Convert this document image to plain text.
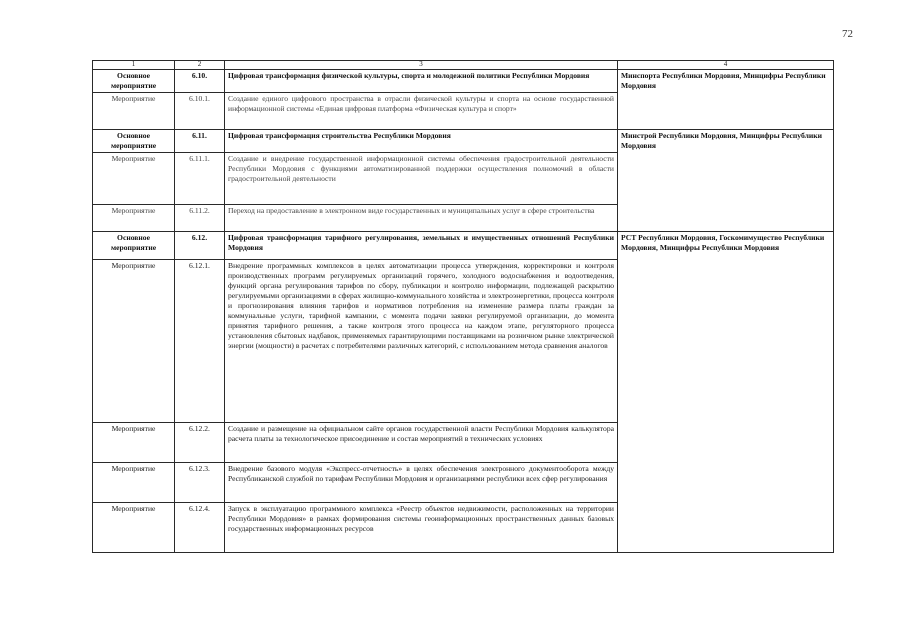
72
1	2	3	4
Основное мероприятие	6.10.	Цифровая трансформация физической культуры, спорта и молодежной политики Республики Мордовия	Минспорта Республики Мордовия, Минцифры Республики Мордовия
Мероприятие	6.10.1.	Создание единого цифрового пространства в отрасли физической культуры и спорта на основе государственной информационной системы «Единая цифровая платформа «Физическая культура и спорт»	
Основное мероприятие	6.11.	Цифровая трансформация строительства Республики Мордовия	Минстрой Республики Мордовия, Минцифры Республики Мордовия
Мероприятие	6.11.1.	Создание и внедрение государственной информационной системы обеспечения градостроительной деятельности Республики Мордовия с функциями автоматизированной поддержки осуществления полномочий в области градостроительной деятельности	
Мероприятие	6.11.2.	Переход на предоставление в электронном виде государственных и муниципальных услуг в сфере строительства	
Основное мероприятие	6.12.	Цифровая трансформация тарифного регулирования, земельных и имущественных отношений Республики Мордовия	РСТ Республики Мордовия, Госкомимущество Республики Мордовия, Минцифры Республики Мордовия
Мероприятие	6.12.1.	Внедрение программных комплексов в целях автоматизации процесса утверждения, корректировки и контроля производственных программ регулируемых организаций горячего, холодного водоснабжения и водоотведения, функций органа регулирования тарифов по сбору, публикации и контролю информации, подлежащей раскрытию регулируемыми организациями в сферах жилищно-коммунального хозяйства и электроэнергетики, процесса контроля и прогнозирования влияния тарифов и нормативов потребления на изменение размера платы граждан за коммунальные услуги, тарифной кампании, с момента подачи заявки регулируемой организации, до момента принятия тарифного решения, а также контроля этого процесса на каждом этапе, регуляторного процесса установления сбытовых надбавок, применяемых гарантирующими поставщиками на розничном рынке электрической энергии (мощности) в расчетах с потребителями различных категорий, с использованием метода сравнения аналогов	
Мероприятие	6.12.2.	Создание и размещение на официальном сайте органов государственной власти Республики Мордовия калькулятора расчета платы за технологическое присоединение и состав мероприятий в технических условиях	
Мероприятие	6.12.3.	Внедрение базового модуля «Экспресс-отчетность» в целях обеспечения электронного документооборота между Республиканской службой по тарифам Республики Мордовия и организациями республики всех сфер регулирования	
Мероприятие	6.12.4.	Запуск в эксплуатацию программного комплекса «Реестр объектов недвижимости, расположенных на территории Республики Мордовия» в рамках формирования системы геоинформационных пространственных данных базовых государственных информационных ресурсов	
